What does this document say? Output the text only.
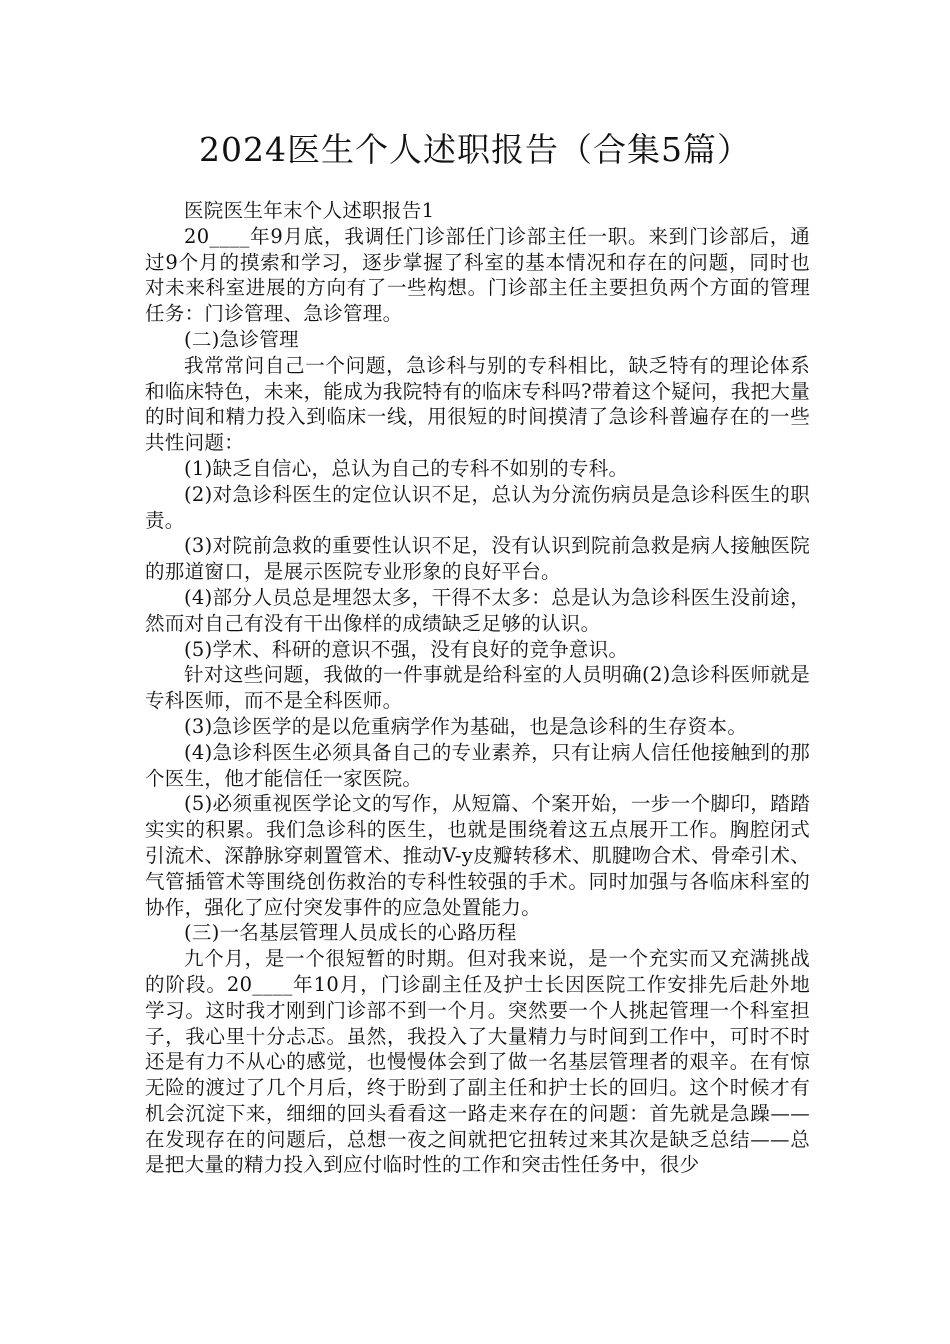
2024医生个人述职报告（合集5篇）

医院医生年末个人述职报告1

20____年9月底，我调任门诊部任门诊部主任一职。来到门诊部后，通过9个月的摸索和学习，逐步掌握了科室的基本情况和存在的问题，同时也对未来科室进展的方向有了一些构想。门诊部主任主要担负两个方面的管理任务：门诊管理、急诊管理。

(二)急诊管理

我常常问自己一个问题，急诊科与别的专科相比，缺乏特有的理论体系和临床特色，未来，能成为我院特有的临床专科吗?带着这个疑问，我把大量的时间和精力投入到临床一线，用很短的时间摸清了急诊科普遍存在的一些共性问题：

(1)缺乏自信心，总认为自己的专科不如别的专科。

(2)对急诊科医生的定位认识不足，总认为分流伤病员是急诊科医生的职责。

(3)对院前急救的重要性认识不足，没有认识到院前急救是病人接触医院的那道窗口，是展示医院专业形象的良好平台。

(4)部分人员总是埋怨太多，干得不太多：总是认为急诊科医生没前途，然而对自己有没有干出像样的成绩缺乏足够的认识。

(5)学术、科研的意识不强，没有良好的竞争意识。

针对这些问题，我做的一件事就是给科室的人员明确(2)急诊科医师就是专科医师，而不是全科医师。

(3)急诊医学的是以危重病学作为基础，也是急诊科的生存资本。

(4)急诊科医生必须具备自己的专业素养，只有让病人信任他接触到的那个医生，他才能信任一家医院。

(5)必须重视医学论文的写作，从短篇、个案开始，一步一个脚印，踏踏实实的积累。我们急诊科的医生，也就是围绕着这五点展开工作。胸腔闭式引流术、深静脉穿刺置管术、推动V-y皮瓣转移术、肌腱吻合术、骨牵引术、气管插管术等围绕创伤救治的专科性较强的手术。同时加强与各临床科室的协作，强化了应付突发事件的应急处置能力。

(三)一名基层管理人员成长的心路历程

九个月，是一个很短暂的时期。但对我来说，是一个充实而又充满挑战的阶段。20____年10月，门诊副主任及护士长因医院工作安排先后赴外地学习。这时我才刚到门诊部不到一个月。突然要一个人挑起管理一个科室担子，我心里十分忐忑。虽然，我投入了大量精力与时间到工作中，可时不时还是有力不从心的感觉，也慢慢体会到了做一名基层管理者的艰辛。在有惊无险的渡过了几个月后，终于盼到了副主任和护士长的回归。这个时候才有机会沉淀下来，细细的回头看看这一路走来存在的问题：首先就是急躁——在发现存在的问题后，总想一夜之间就把它扭转过来其次是缺乏总结——总是把大量的精力投入到应付临时性的工作和突击性任务中，很少
